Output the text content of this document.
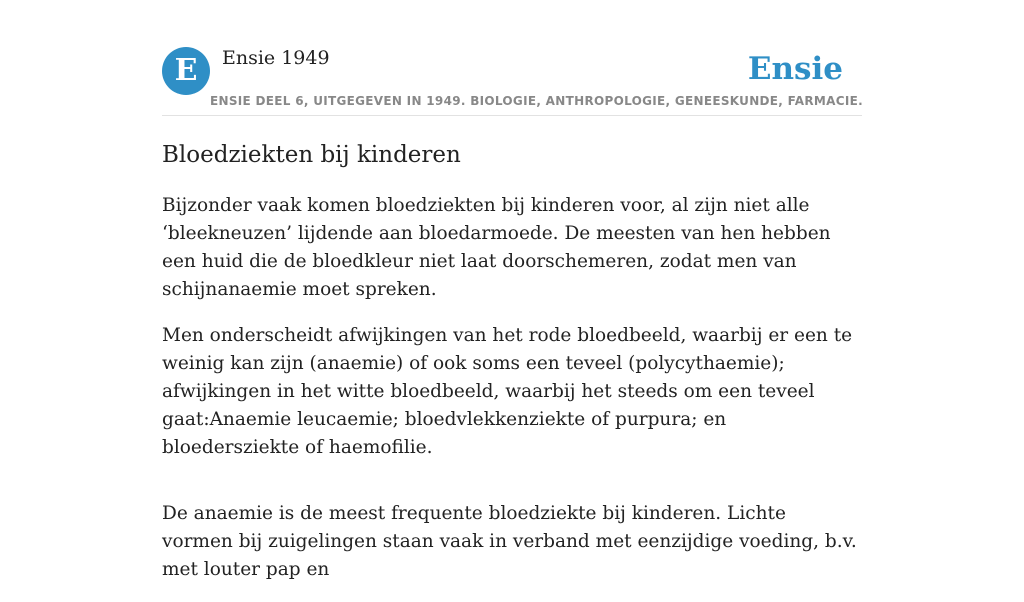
E	Ensie 1949	Ensie
ENSIE DEEL 6, UITGEGEVEN IN 1949. BIOLOGIE, ANTHROPOLOGIE, GENEESKUNDE, FARMACIE.
Bloedziekten bij kinderen

Bijzonder vaak komen bloedziekten bij kinderen voor, al zijn niet alle ‘bleekneuzen’ lijdende aan bloedarmoede. De meesten van hen hebben een huid die de bloedkleur niet laat doorschemeren, zodat men van schijnanaemie moet spreken.

Men onderscheidt afwijkingen van het rode bloedbeeld, waarbij er een te weinig kan zijn (anaemie) of ook soms een teveel (polycythaemie); afwijkingen in het witte bloedbeeld, waarbij het steeds om een teveel gaat:Anaemie leucaemie; bloedvlekkenziekte of purpura; en bloedersziekte of haemofilie.

De anaemie is de meest frequente bloedziekte bij kinderen. Lichte vormen bij zuigelingen staan vaak in verband met eenzijdige voeding, b.v. met louter pap en
